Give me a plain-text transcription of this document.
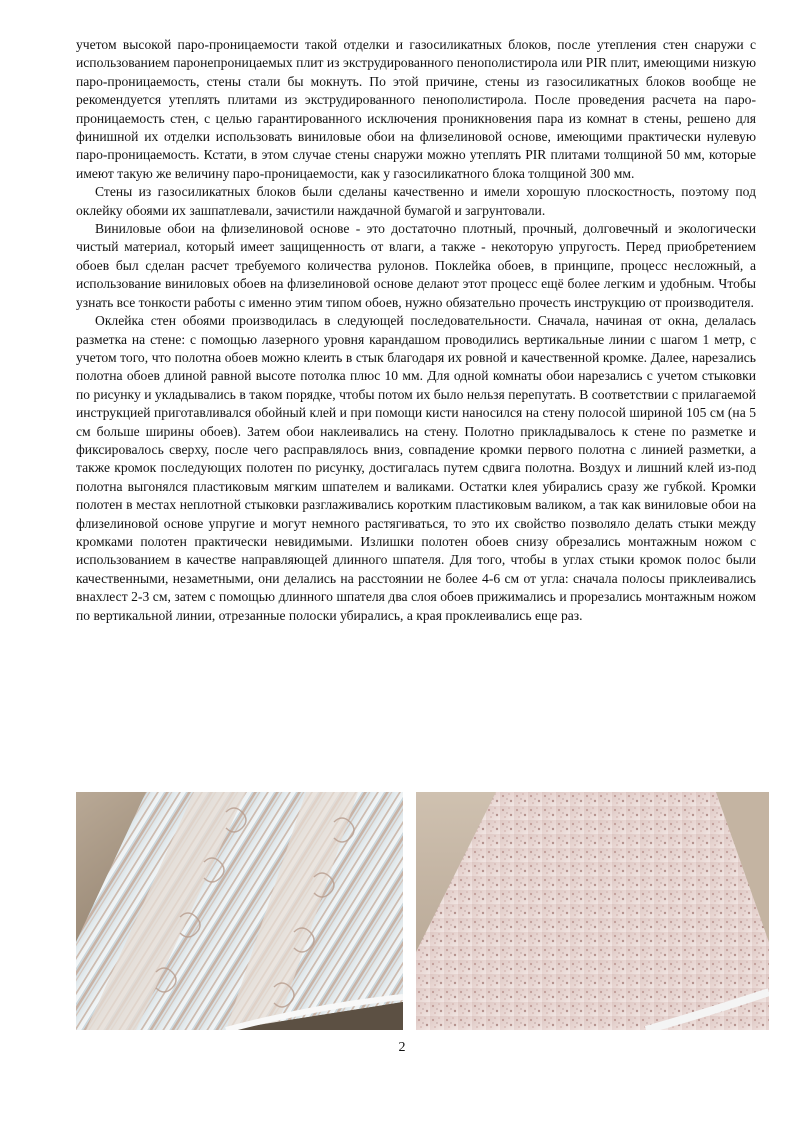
учетом высокой паро-проницаемости такой отделки и газосиликатных блоков, после утепления стен снаружи с использованием паронепроницаемых плит из экструдированного пенополистирола или PIR плит, имеющими низкую паро-проницаемость, стены стали бы мокнуть. По этой причине, стены из газосиликатных блоков вообще не рекомендуется утеплять плитами из экструдированного пенополистирола. После проведения расчета на паро-проницаемость стен, с целью гарантированного исключения проникновения пара из комнат в стены, решено для финишной их отделки использовать виниловые обои на флизелиновой основе, имеющими практически нулевую паро-проницаемость. Кстати, в этом случае стены снаружи можно утеплять PIR плитами толщиной 50 мм, которые имеют такую же величину паро-проницаемости, как у газосиликатного блока толщиной 300 мм.

Стены из газосиликатных блоков были сделаны качественно и имели хорошую плоскостность, поэтому под оклейку обоями их зашпатлевали, зачистили наждачной бумагой и загрунтовали.

Виниловые обои на флизелиновой основе - это достаточно плотный, прочный, долговечный и экологически чистый материал, который имеет защищенность от влаги, а также - некоторую упругость. Перед приобретением обоев был сделан расчет требуемого количества рулонов. Поклейка обоев, в принципе, процесс несложный, а использование виниловых обоев на флизелиновой основе делают этот процесс ещё более легким и удобным. Чтобы узнать все тонкости работы с именно этим типом обоев, нужно обязательно прочесть инструкцию от производителя.

Оклейка стен обоями производилась в следующей последовательности. Сначала, начиная от окна, делалась разметка на стене: с помощью лазерного уровня карандашом проводились вертикальные линии с шагом 1 метр, с учетом того, что полотна обоев можно клеить в стык благодаря их ровной и качественной кромке. Далее, нарезались полотна обоев длиной равной высоте потолка плюс 10 мм. Для одной комнаты обои нарезались с учетом стыковки по рисунку и укладывались в таком порядке, чтобы потом их было нельзя перепутать. В соответствии с прилагаемой инструкцией приготавливался обойный клей и при помощи кисти наносился на стену полосой шириной 105 см (на 5 см больше ширины обоев). Затем обои наклеивались на стену. Полотно прикладывалось к стене по разметке и фиксировалось сверху, после чего расправлялось вниз, совпадение кромки первого полотна с линией разметки, а также кромок последующих полотен по рисунку, достигалась путем сдвига полотна. Воздух и лишний клей из-под полотна выгонялся пластиковым мягким шпателем и валиками. Остатки клея убирались сразу же губкой. Кромки полотен в местах неплотной стыковки разглаживались коротким пластиковым валиком, а так как виниловые обои на флизелиновой основе упругие и могут немного растягиваться, то это их свойство позволяло делать стыки между кромками полотен практически невидимыми. Излишки полотен обоев снизу обрезались монтажным ножом с использованием в качестве направляющей длинного шпателя. Для того, чтобы в углах стыки кромок полос были качественными, незаметными, они делались на расстоянии не более 4-6 см от угла: сначала полосы приклеивались внахлест 2-3 см, затем с помощью длинного шпателя два слоя обоев прижимались и прорезались монтажным ножом по вертикальной линии, отрезанные полоски убирались, а края проклеивались еще раз.

2
